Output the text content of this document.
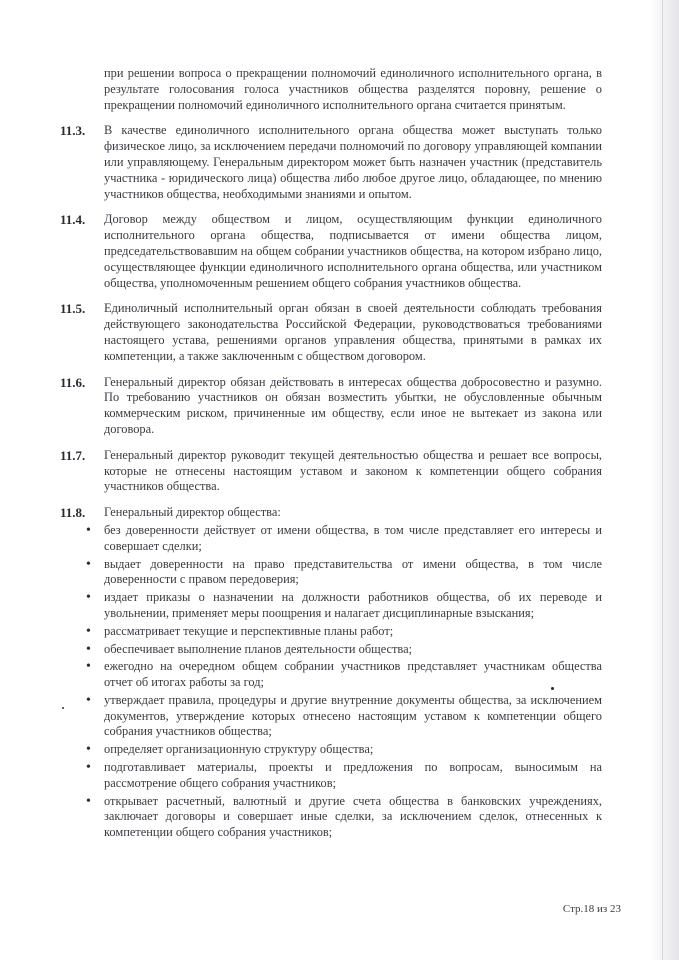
при решении вопроса о прекращении полномочий единоличного исполнительного органа, в результате голосования голоса участников общества разделятся поровну, решение о прекращении полномочий единоличного исполнительного органа считается принятым.
11.3.	В качестве единоличного исполнительного органа общества может выступать только физическое лицо, за исключением передачи полномочий по договору управляющей компании или управляющему. Генеральным директором может быть назначен участник (представитель участника - юридического лица) общества либо любое другое лицо, обладающее, по мнению участников общества, необходимыми знаниями и опытом.
11.4.	Договор между обществом и лицом, осуществляющим функции единоличного исполнительного органа общества, подписывается от имени общества лицом, председательствовавшим на общем собрании участников общества, на котором избрано лицо, осуществляющее функции единоличного исполнительного органа общества, или участником общества, уполномоченным решением общего собрания участников общества.
11.5.	Единоличный исполнительный орган обязан в своей деятельности соблюдать требования действующего законодательства Российской Федерации, руководствоваться требованиями настоящего устава, решениями органов управления общества, принятыми в рамках их компетенции, а также заключенным с обществом договором.
11.6.	Генеральный директор обязан действовать в интересах общества добросовестно и разумно. По требованию участников он обязан возместить убытки, не обусловленные обычным коммерческим риском, причиненные им обществу, если иное не вытекает из закона или договора.
11.7.	Генеральный директор руководит текущей деятельностью общества и решает все вопросы, которые не отнесены настоящим уставом и законом к компетенции общего собрания участников общества.
11.8.	Генеральный директор общества:
• без доверенности действует от имени общества, в том числе представляет его интересы и совершает сделки;
• выдает доверенности на право представительства от имени общества, в том числе доверенности с правом передоверия;
• издает приказы о назначении на должности работников общества, об их переводе и увольнении, применяет меры поощрения и налагает дисциплинарные взыскания;
• рассматривает текущие и перспективные планы работ;
• обеспечивает выполнение планов деятельности общества;
• ежегодно на очередном общем собрании участников представляет участникам общества отчет об итогах работы за год;
• утверждает правила, процедуры и другие внутренние документы общества, за исключением документов, утверждение которых отнесено настоящим уставом к компетенции общего собрания участников общества;
• определяет организационную структуру общества;
• подготавливает материалы, проекты и предложения по вопросам, выносимым на рассмотрение общего собрания участников;
• открывает расчетный, валютный и другие счета общества в банковских учреждениях, заключает договоры и совершает иные сделки, за исключением сделок, отнесенных к компетенции общего собрания участников;
Стр.18 из 23
